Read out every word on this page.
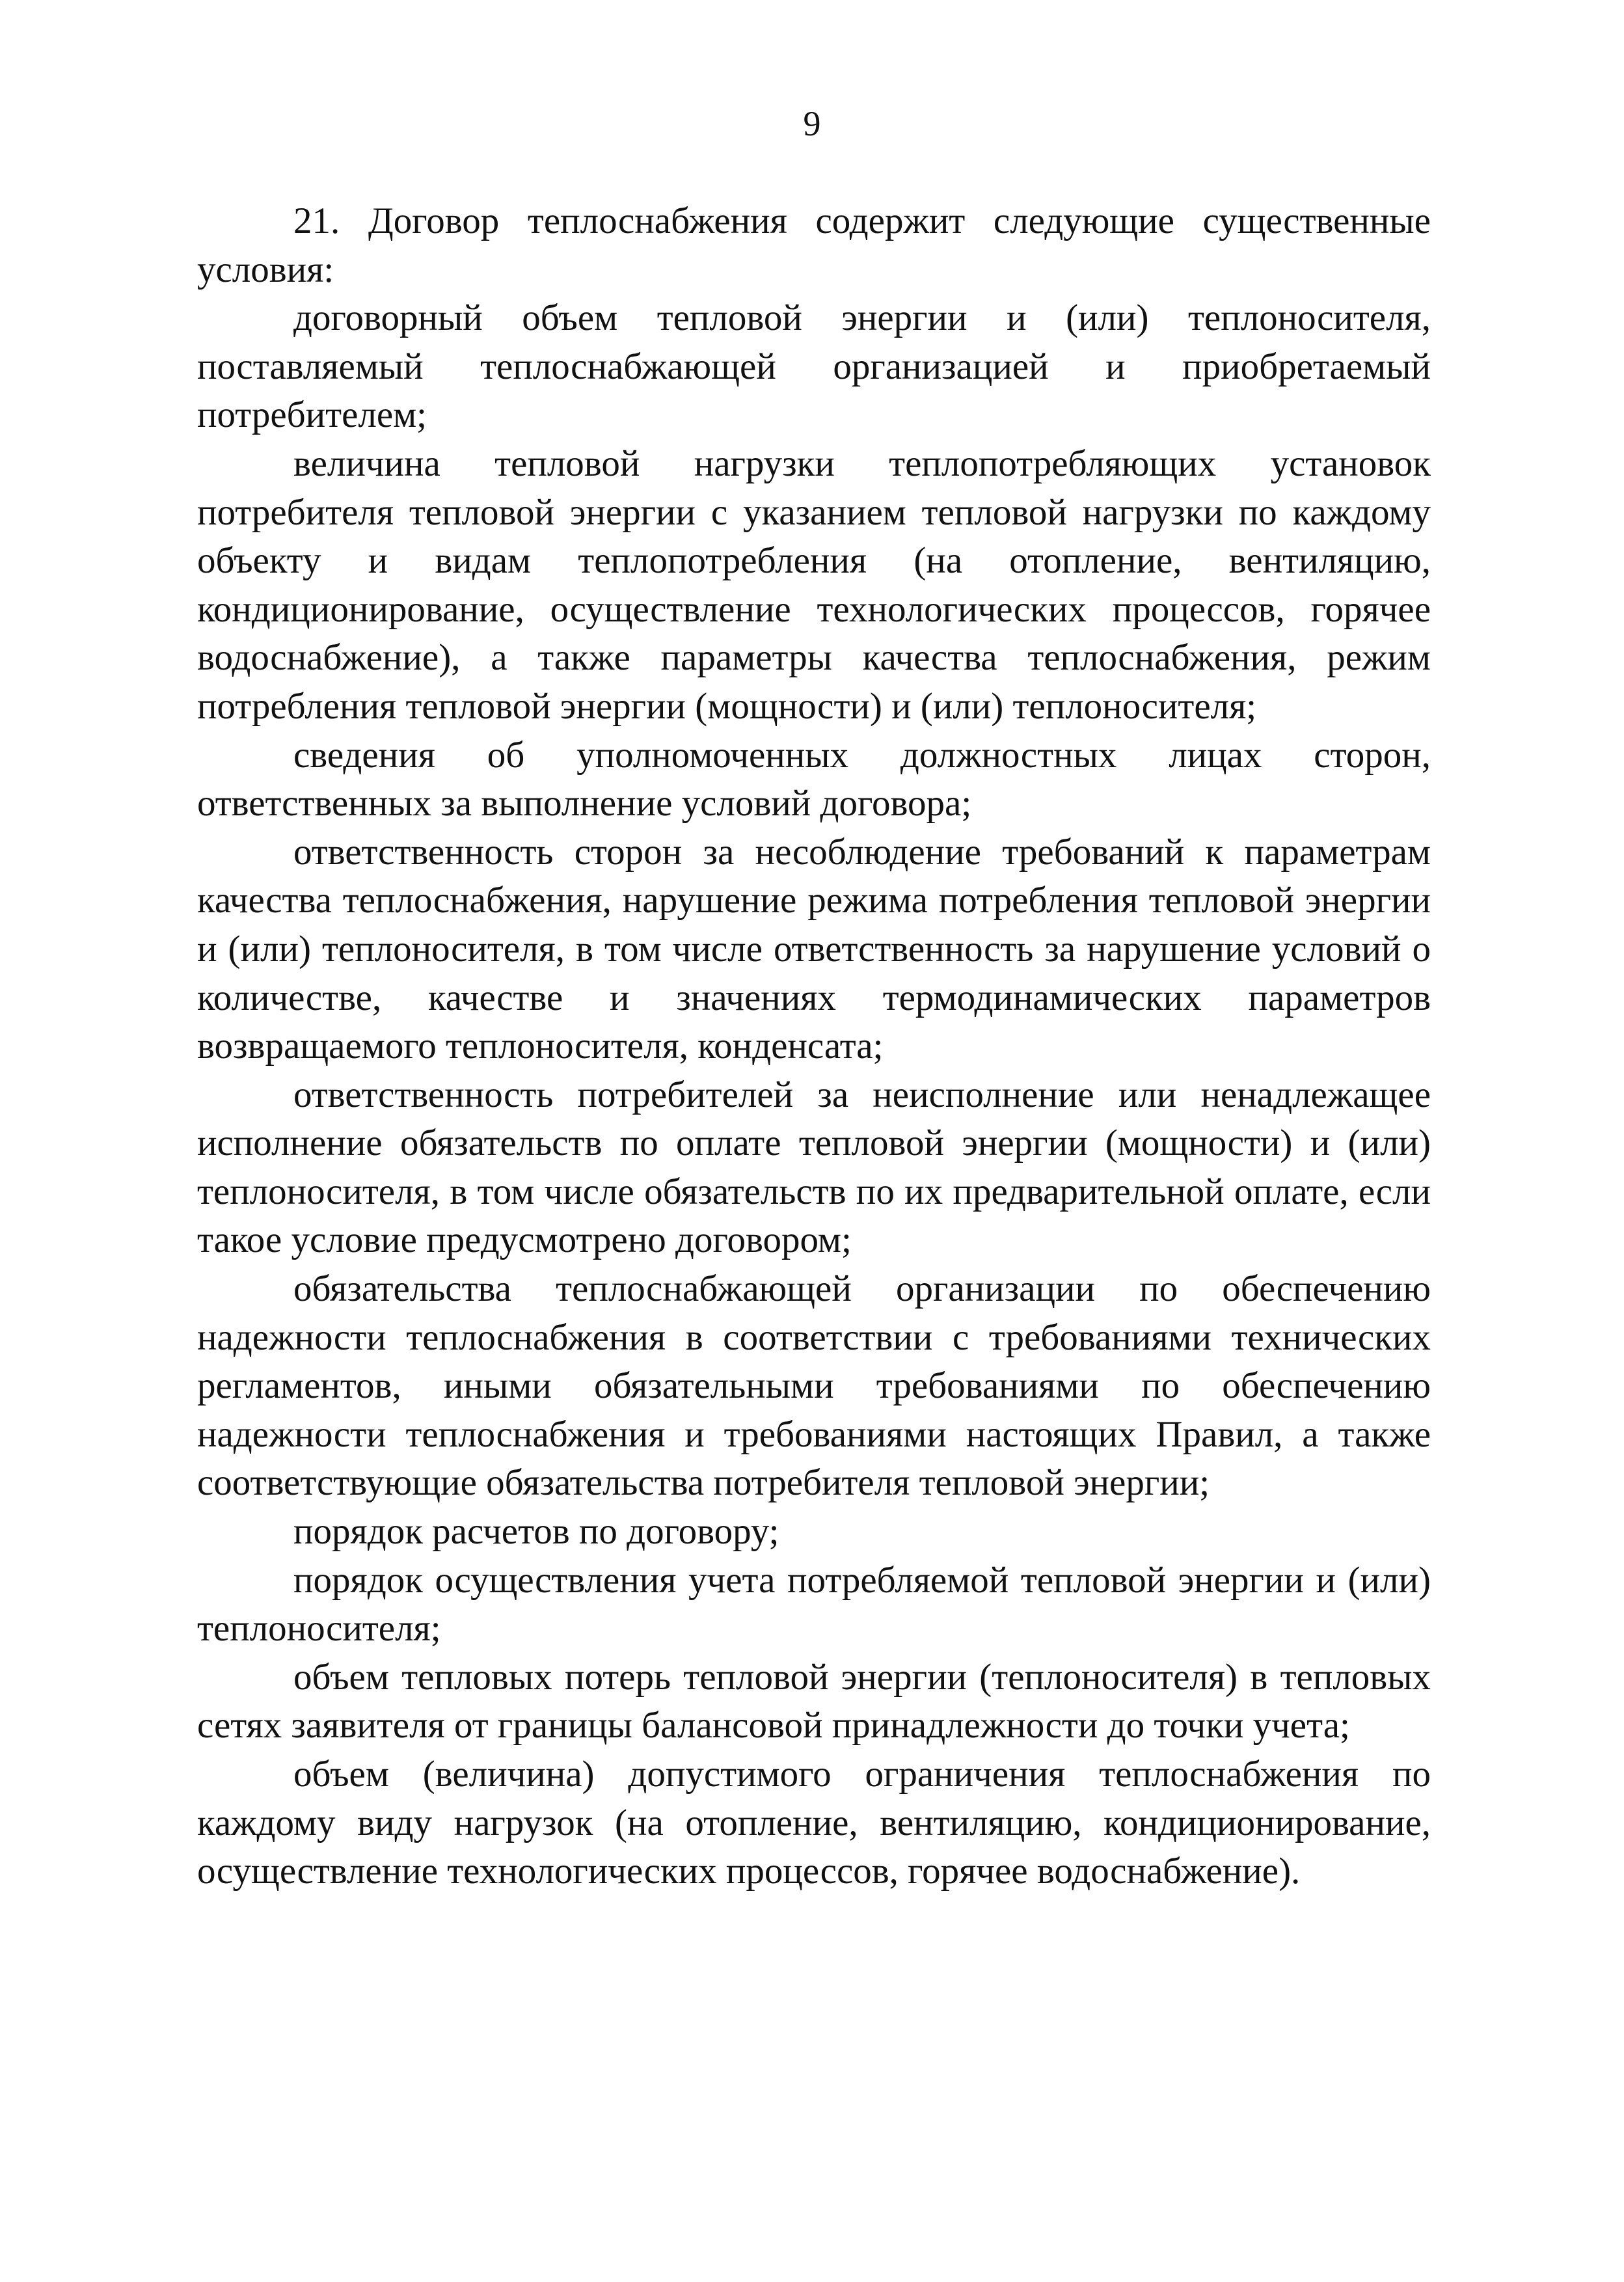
9

21. Договор теплоснабжения содержит следующие существенные условия:

договорный объем тепловой энергии и (или) теплоносителя, поставляемый теплоснабжающей организацией и приобретаемый потребителем;

величина тепловой нагрузки теплопотребляющих установок потребителя тепловой энергии с указанием тепловой нагрузки по каждому объекту и видам теплопотребления (на отопление, вентиляцию, кондиционирование, осуществление технологических процессов, горячее водоснабжение), а также параметры качества теплоснабжения, режим потребления тепловой энергии (мощности) и (или) теплоносителя;

сведения об уполномоченных должностных лицах сторон, ответственных за выполнение условий договора;

ответственность сторон за несоблюдение требований к параметрам качества теплоснабжения, нарушение режима потребления тепловой энергии и (или) теплоносителя, в том числе ответственность за нарушение условий о количестве, качестве и значениях термодинамических параметров возвращаемого теплоносителя, конденсата;

ответственность потребителей за неисполнение или ненадлежащее исполнение обязательств по оплате тепловой энергии (мощности) и (или) теплоносителя, в том числе обязательств по их предварительной оплате, если такое условие предусмотрено договором;

обязательства теплоснабжающей организации по обеспечению надежности теплоснабжения в соответствии с требованиями технических регламентов, иными обязательными требованиями по обеспечению надежности теплоснабжения и требованиями настоящих Правил, а также соответствующие обязательства потребителя тепловой энергии;

порядок расчетов по договору;

порядок осуществления учета потребляемой тепловой энергии и (или) теплоносителя;

объем тепловых потерь тепловой энергии (теплоносителя) в тепловых сетях заявителя от границы балансовой принадлежности до точки учета;

объем (величина) допустимого ограничения теплоснабжения по каждому виду нагрузок (на отопление, вентиляцию, кондиционирование, осуществление технологических процессов, горячее водоснабжение).
